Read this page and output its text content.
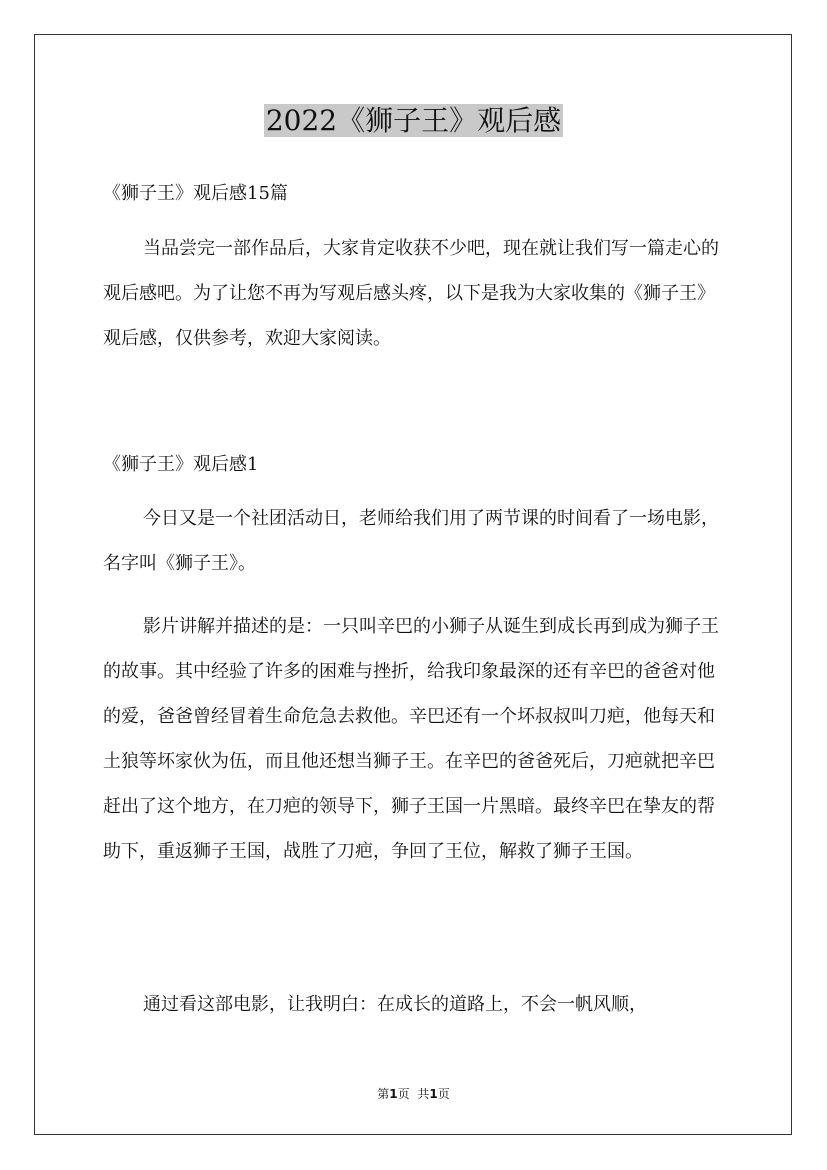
2022《狮子王》观后感

《狮子王》观后感15篇

当品尝完一部作品后，大家肯定收获不少吧，现在就让我们写一篇走心的观后感吧。为了让您不再为写观后感头疼，以下是我为大家收集的《狮子王》观后感，仅供参考，欢迎大家阅读。

《狮子王》观后感1

今日又是一个社团活动日，老师给我们用了两节课的时间看了一场电影，名字叫《狮子王》。

影片讲解并描述的是：一只叫辛巴的小狮子从诞生到成长再到成为狮子王的故事。其中经验了许多的困难与挫折，给我印象最深的还有辛巴的爸爸对他的爱，爸爸曾经冒着生命危急去救他。辛巴还有一个坏叔叔叫刀疤，他每天和土狼等坏家伙为伍，而且他还想当狮子王。在辛巴的爸爸死后，刀疤就把辛巴赶出了这个地方，在刀疤的领导下，狮子王国一片黑暗。最终辛巴在挚友的帮助下，重返狮子王国，战胜了刀疤，争回了王位，解救了狮子王国。

通过看这部电影，让我明白：在成长的道路上，不会一帆风顺，

第1页 共1页
